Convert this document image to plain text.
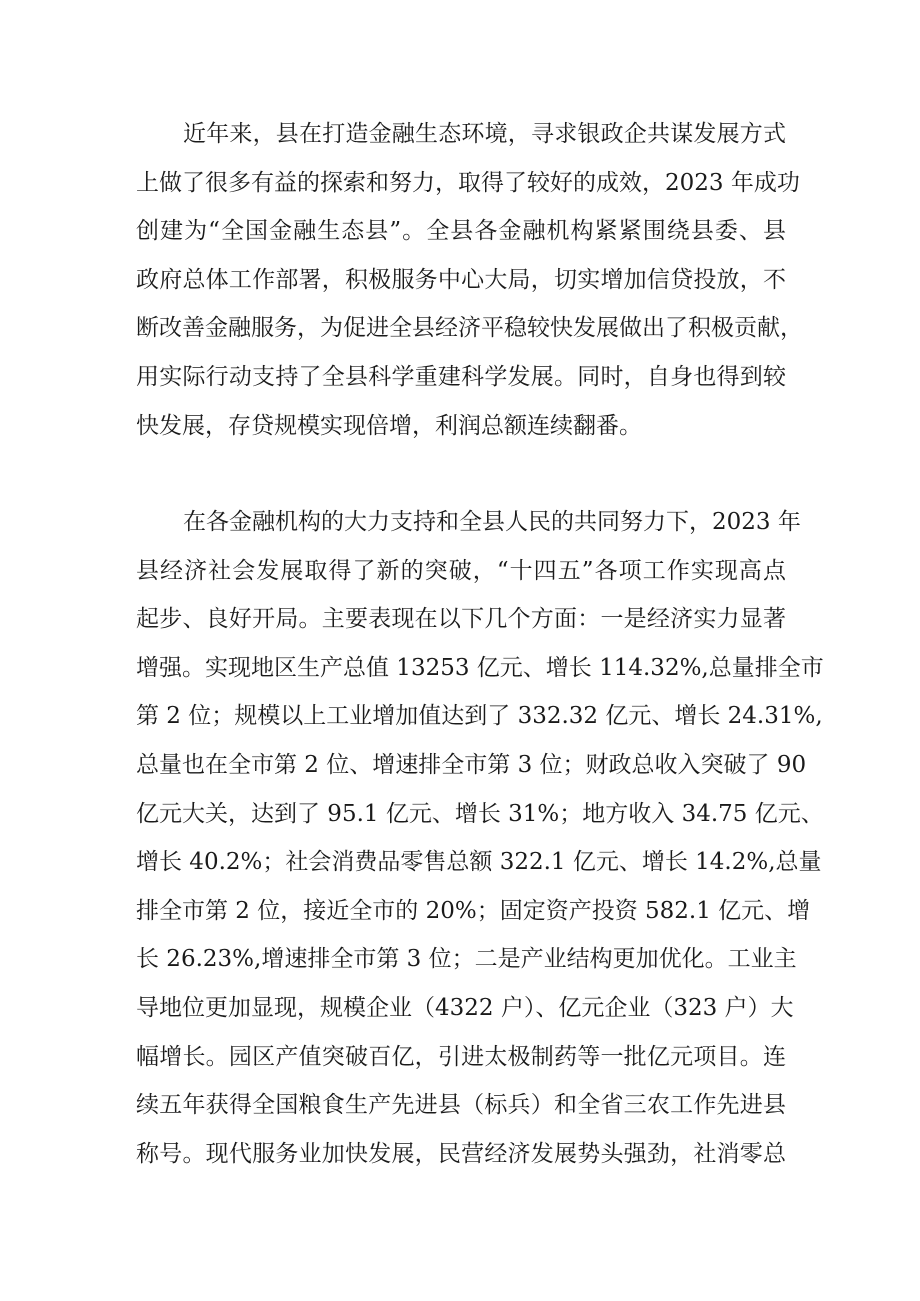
近年来，县在打造金融生态环境，寻求银政企共谋发展方式
上做了很多有益的探索和努力，取得了较好的成效，2023 年成功
创建为“全国金融生态县”。全县各金融机构紧紧围绕县委、县
政府总体工作部署，积极服务中心大局，切实增加信贷投放，不
断改善金融服务，为促进全县经济平稳较快发展做出了积极贡献，
用实际行动支持了全县科学重建科学发展。同时，自身也得到较
快发展，存贷规模实现倍增，利润总额连续翻番。
在各金融机构的大力支持和全县人民的共同努力下，2023 年
县经济社会发展取得了新的突破，“十四五”各项工作实现高点
起步、良好开局。主要表现在以下几个方面：一是经济实力显著
增强。实现地区生产总值 13253 亿元、增长 114.32%,总量排全市
第 2 位；规模以上工业增加值达到了 332.32 亿元、增长 24.31%,
总量也在全市第 2 位、增速排全市第 3 位；财政总收入突破了 90
亿元大关，达到了 95.1 亿元、增长 31%；地方收入 34.75 亿元、
增长 40.2%；社会消费品零售总额 322.1 亿元、增长 14.2%,总量
排全市第 2 位，接近全市的 20%；固定资产投资 582.1 亿元、增
长 26.23%,增速排全市第 3 位；二是产业结构更加优化。工业主
导地位更加显现，规模企业（4322 户）、亿元企业（323 户）大
幅增长。园区产值突破百亿，引进太极制药等一批亿元项目。连
续五年获得全国粮食生产先进县（标兵）和全省三农工作先进县
称号。现代服务业加快发展，民营经济发展势头强劲，社消零总
